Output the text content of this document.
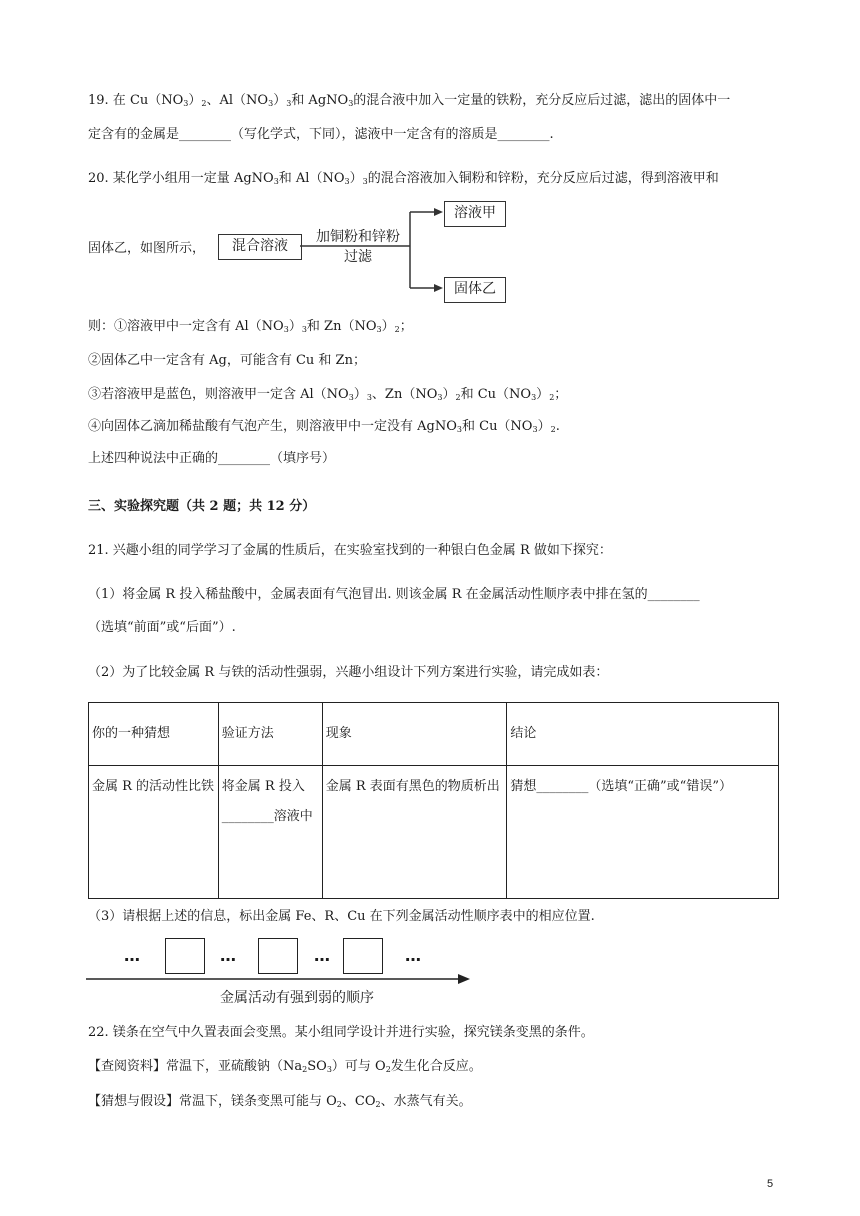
19. 在 $Cu(NO_3)_2$、$Al(NO_3)_3$和 AgNO$_3$的混合液中加入一定量的铁粉，充分反应后过滤，滤出的固体中一
定含有的金属是________（写化学式，下同），滤液中一定含有的溶质是________.
20. 某化学小组用一定量 AgNO$_3$和 $Al(NO_3)_3$的混合溶液加入铜粉和锌粉，充分反应后过滤，得到溶液甲和
固体乙，如图所示，	混合溶液
加铜粉和锌粉
过滤
溶液甲
固体乙
则：①溶液甲中一定含有 $Al(NO_3)_3$和 $Zn(NO_3)_2$；
②固体乙中一定含有 Ag，可能含有 Cu 和 Zn；
③若溶液甲是蓝色，则溶液甲一定含 $Al(NO_3)_3$、$Zn(NO_3)_2$和 $Cu(NO_3)_2$；
④向固体乙滴加稀盐酸有气泡产生，则溶液甲中一定没有 AgNO$_3$和 $Cu(NO_3)_2$.
上述四种说法中正确的________（填序号）
三、实验探究题（共 2 题；共 12 分）
21. 兴趣小组的同学学习了金属的性质后，在实验室找到的一种银白色金属 R 做如下探究：
（1）将金属 R 投入稀盐酸中，金属表面有气泡冒出. 则该金属 R 在金属活动性顺序表中排在氢的________
（选填“前面”或“后面”）.
（2）为了比较金属 R 与铁的活动性强弱，兴趣小组设计下列方案进行实验，请完成如表：
你的一种猜想	验证方法	现象	结论
金属 R 的活动性比铁	将金属 R 投入________溶液中	金属 R 表面有黑色的物质析出	猜想________（选填“正确”或“错误”）
（3）请根据上述的信息，标出金属 Fe、R、Cu 在下列金属活动性顺序表中的相应位置.
…	…	…	…
金属活动有强到弱的顺序
22. 镁条在空气中久置表面会变黑。某小组同学设计并进行实验，探究镁条变黑的条件。
【查阅资料】常温下，亚硫酸钠$(Na_2SO_3)$可与 $O_2$发生化合反应。
【猜想与假设】常温下，镁条变黑可能与 $O_2$、$CO_2$、水蒸气有关。
5
